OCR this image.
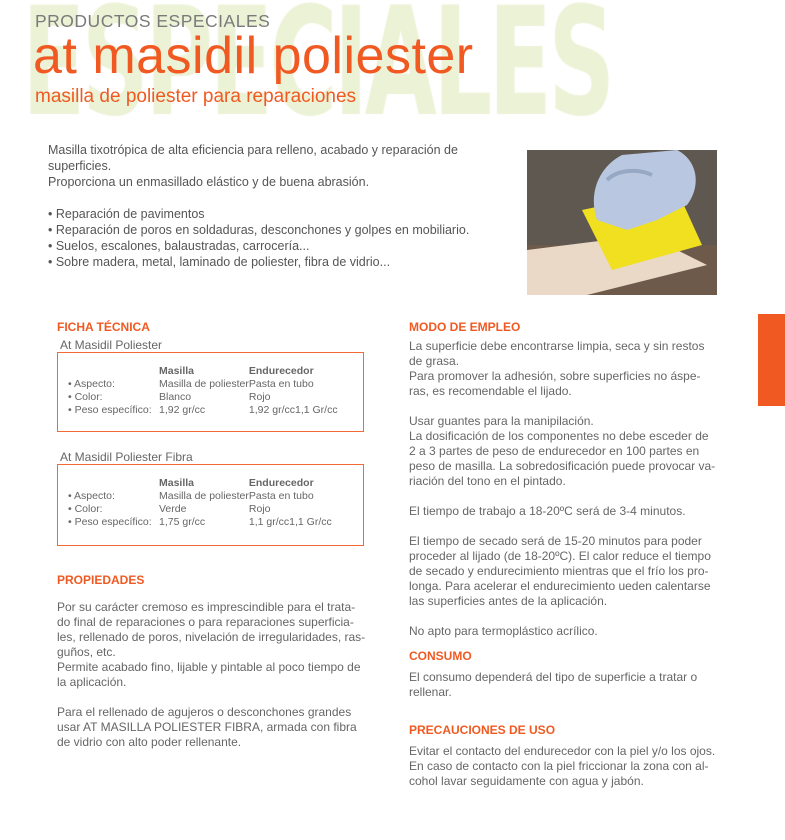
PRODUCTOS ESPECIALES
at masidil poliester
masilla de poliester para reparaciones
Masilla tixotrópica de alta eficiencia para relleno, acabado y reparación de
superficies.
Proporciona un enmasillado elástico y de buena abrasión.
• Reparación de pavimentos
• Reparación de poros en soldaduras, desconchones y golpes en mobiliario.
• Suelos, escalones, balaustradas, carrocería...
• Sobre madera, metal, laminado de poliester, fibra de vidrio...
FICHA TÉCNICA
At Masidil Poliester
	Masilla	Endurecedor
• Aspecto:	Masilla de poliester	Pasta en tubo
• Color:	Blanco	Rojo
• Peso específico:	1,92 gr/cc	1,92 gr/cc1,1 Gr/cc
At Masidil Poliester Fibra
	Masilla	Endurecedor
• Aspecto:	Masilla de poliester	Pasta en tubo
• Color:	Verde	Rojo
• Peso específico:	1,75 gr/cc	1,1 gr/cc1,1 Gr/cc
PROPIEDADES
Por su carácter cremoso es imprescindible para el trata-
do final de reparaciones o para reparaciones superficia-
les, rellenado de poros, nivelación de irregularidades, ras-
guños, etc.
Permite acabado fino, lijable y pintable al poco tiempo de
la aplicación.
Para el rellenado de agujeros o desconchones grandes
usar AT MASILLA POLIESTER FIBRA, armada con fibra
de vidrio con alto poder rellenante.
MODO DE EMPLEO
La superficie debe encontrarse limpia, seca y sin restos
de grasa.
Para promover la adhesión, sobre superficies no áspe-
ras, es recomendable el lijado.
Usar guantes para la manipilación.
La dosificación de los componentes no debe esceder de
2 a 3 partes de peso de endurecedor en 100 partes en
peso de masilla. La sobredosificación puede provocar va-
riación del tono en el pintado.
El tiempo de trabajo a 18-20ºC será de 3-4 minutos.
El tiempo de secado será de 15-20 minutos para poder
proceder al lijado (de 18-20ºC). El calor reduce el tiempo
de secado y endurecimiento mientras que el frío los pro-
longa. Para acelerar el endurecimiento ueden calentarse
las superficies antes de la aplicación.
No apto para termoplástico acrílico.
CONSUMO
El consumo dependerá del tipo de superficie a tratar o
rellenar.
PRECAUCIONES DE USO
Evitar el contacto del endurecedor con la piel y/o los ojos.
En caso de contacto con la piel friccionar la zona con al-
cohol lavar seguidamente con agua y jabón.
